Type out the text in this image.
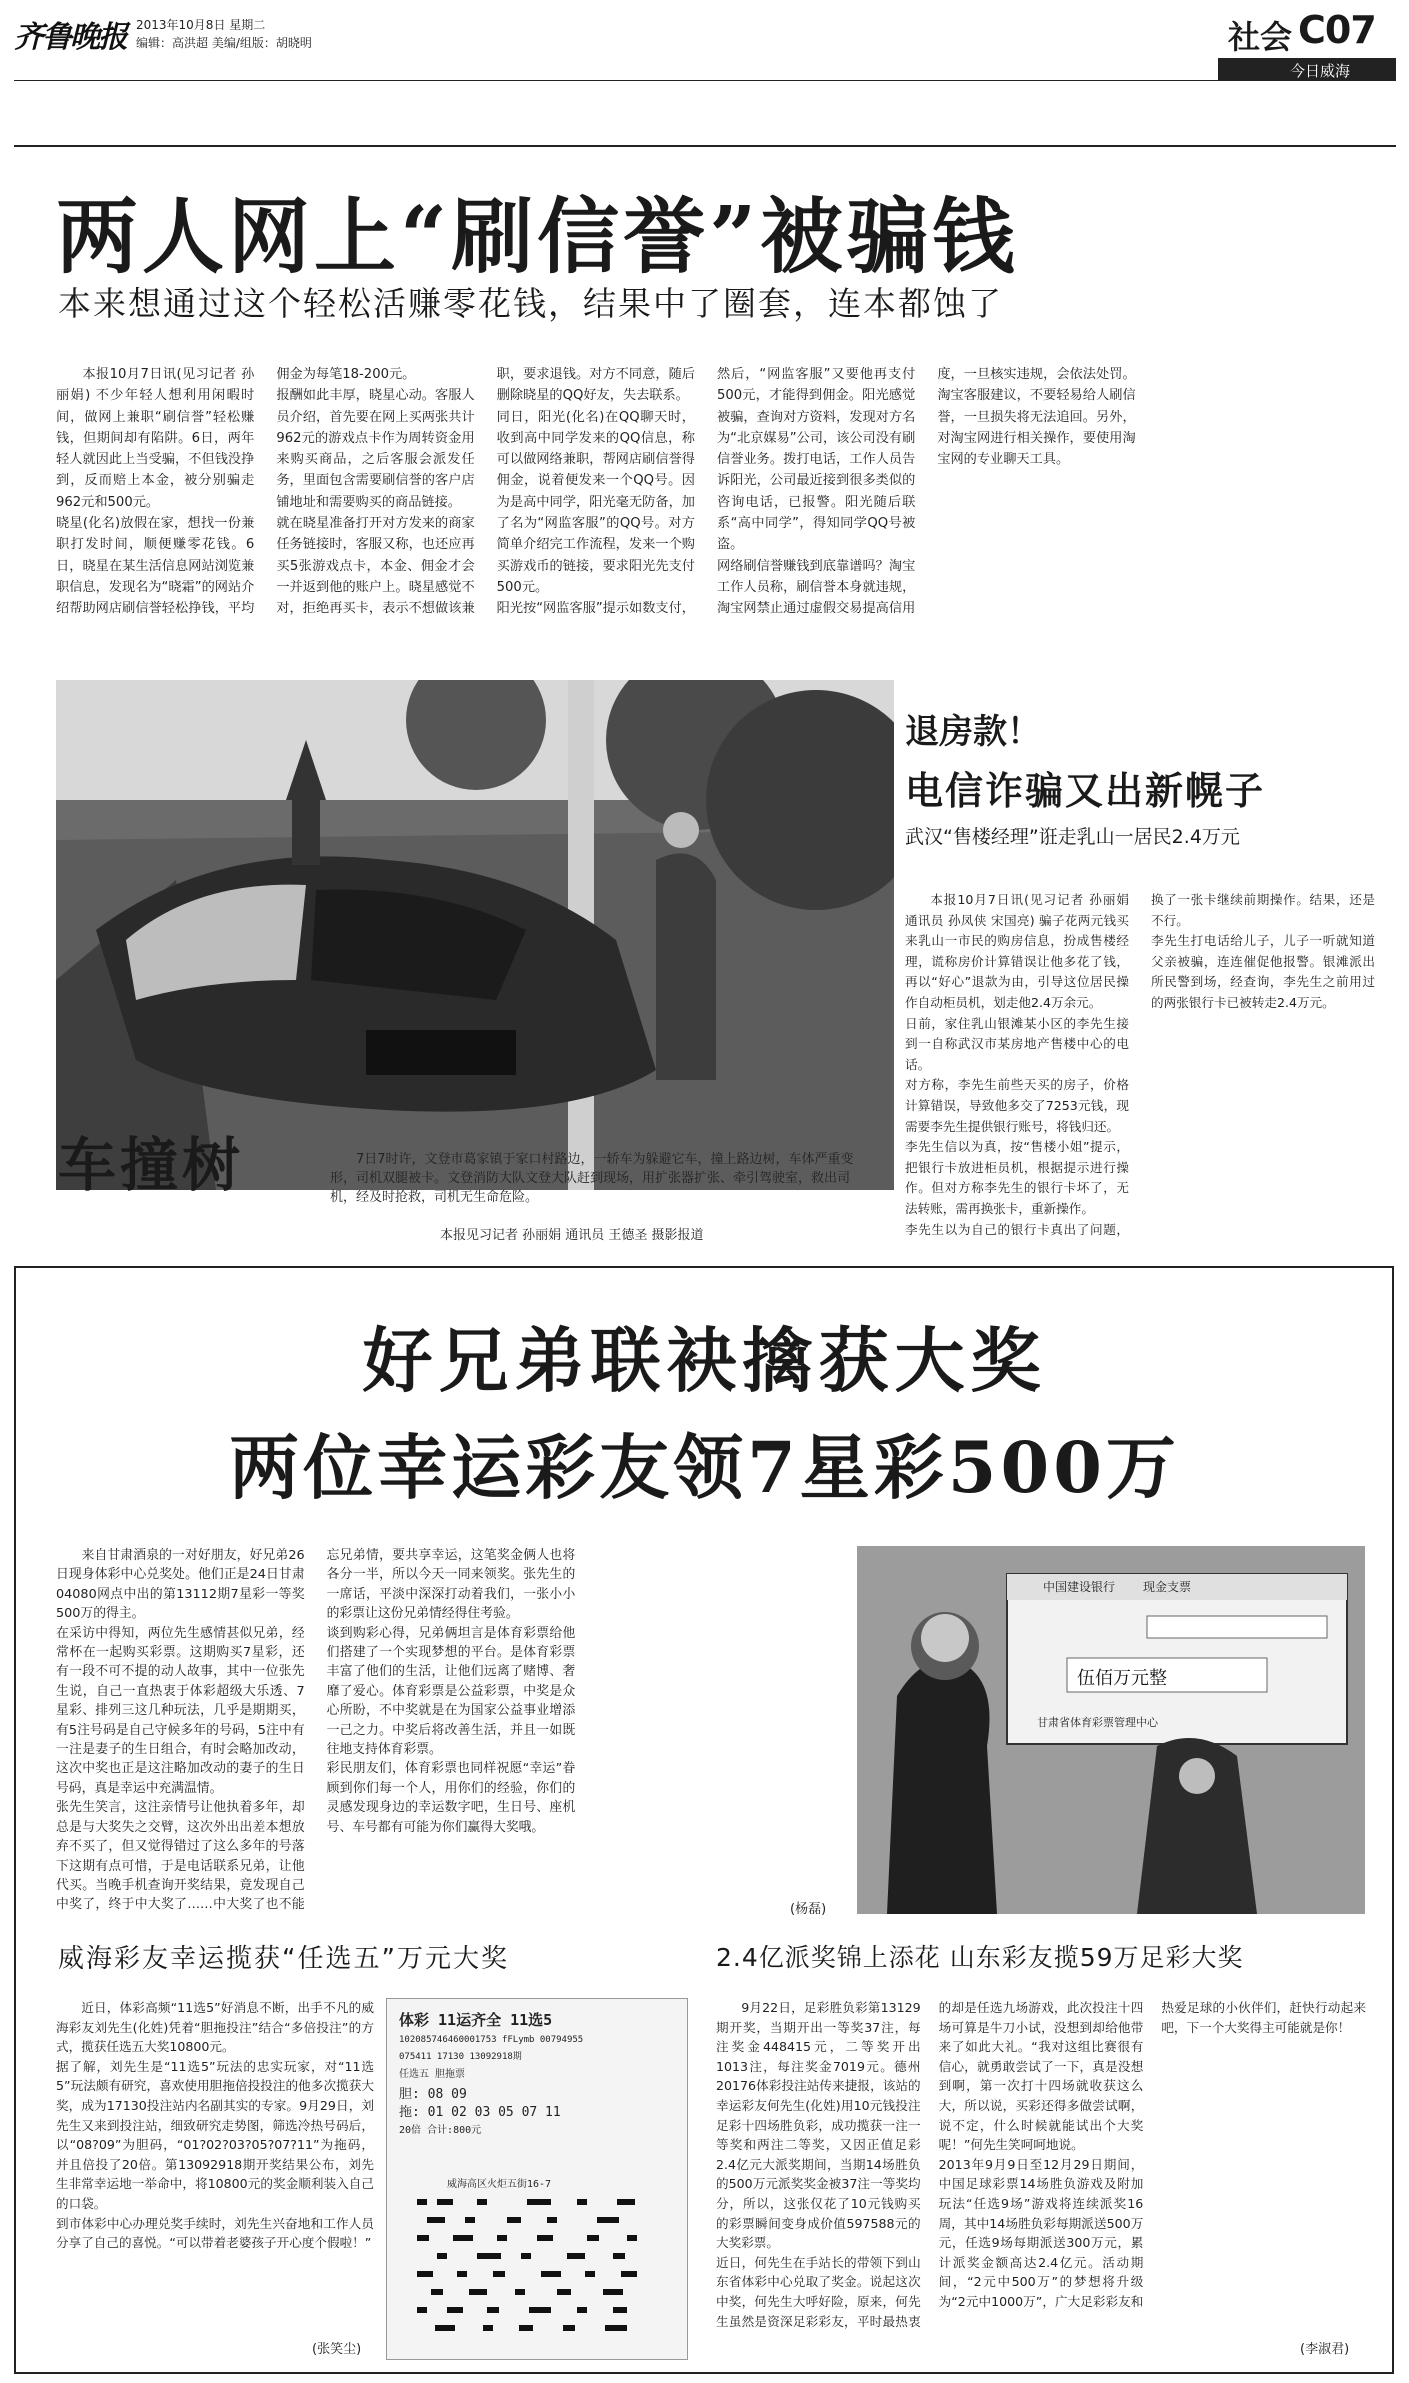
齐鲁晚报 2013年10月8日 星期二
编辑：高洪超 美编/组版：胡晓明	社会 C07
今日威海
两人网上“刷信誉”被骗钱
本来想通过这个轻松活赚零花钱，结果中了圈套，连本都蚀了
本报10月7日讯(见习记者 孙丽娟) 不少年轻人想利用闲暇时间，做网上兼职“刷信誉”轻松赚钱，但期间却有陷阱。6日，两年轻人就因此上当受骗，不但钱没挣到，反而赔上本金，被分别骗走962元和500元。
晓星(化名)放假在家，想找一份兼职打发时间，顺便赚零花钱。6日，晓星在某生活信息网站浏览兼职信息，发现名为“晓霜”的网站介绍帮助网店刷信誉轻松挣钱，平均佣金为每笔18-200元。
报酬如此丰厚，晓星心动。客服人员介绍，首先要在网上买两张共计962元的游戏点卡作为周转资金用来购买商品，之后客服会派发任务，里面包含需要刷信誉的客户店铺地址和需要购买的商品链接。
就在晓星准备打开对方发来的商家任务链接时，客服又称，也还应再买5张游戏点卡，本金、佣金才会一并返到他的账户上。晓星感觉不对，拒绝再买卡，表示不想做该兼职，要求退钱。对方不同意，随后删除晓星的QQ好友，失去联系。
同日，阳光(化名)在QQ聊天时，收到高中同学发来的QQ信息，称可以做网络兼职，帮网店刷信誉得佣金，说着便发来一个QQ号。因为是高中同学，阳光毫无防备，加了名为“网监客服”的QQ号。对方简单介绍完工作流程，发来一个购买游戏币的链接，要求阳光先支付500元。
阳光按“网监客服”提示如数支付，然后，“网监客服”又要他再支付500元，才能得到佣金。阳光感觉被骗，查询对方资料，发现对方名为“北京媒易”公司，该公司没有刷信誉业务。拨打电话，工作人员告诉阳光，公司最近接到很多类似的咨询电话，已报警。阳光随后联系“高中同学”，得知同学QQ号被盗。
网络刷信誉赚钱到底靠谱吗？淘宝工作人员称，刷信誉本身就违规，淘宝网禁止通过虚假交易提高信用度，一旦核实违规，会依法处罚。淘宝客服建议，不要轻易给人刷信誉，一旦损失将无法追回。另外，对淘宝网进行相关操作，要使用淘宝网的专业聊天工具。
车撞树	7日7时许，文登市葛家镇于家口村路边，一轿车为躲避它车，撞上路边树，车体严重变形，司机双腿被卡。文登消防大队文登大队赶到现场，用扩张器扩张、牵引驾驶室，救出司机，经及时抢救，司机无生命危险。
本报见习记者 孙丽娟 通讯员 王德圣 摄影报道
退房款！
电信诈骗又出新幌子
武汉“售楼经理”诳走乳山一居民2.4万元
本报10月7日讯(见习记者 孙丽娟 通讯员 孙凤侠 宋国亮) 骗子花两元钱买来乳山一市民的购房信息，扮成售楼经理，谎称房价计算错误让他多花了钱，再以“好心”退款为由，引导这位居民操作自动柜员机，划走他2.4万余元。
日前，家住乳山银滩某小区的李先生接到一自称武汉市某房地产售楼中心的电话。
对方称，李先生前些天买的房子，价格计算错误，导致他多交了7253元钱，现需要李先生提供银行账号，将钱归还。
李先生信以为真，按“售楼小姐”提示，把银行卡放进柜员机，根据提示进行操作。但对方称李先生的银行卡坏了，无法转账，需再换张卡，重新操作。
李先生以为自己的银行卡真出了问题，换了一张卡继续前期操作。结果，还是不行。
李先生打电话给儿子，儿子一听就知道父亲被骗，连连催促他报警。银滩派出所民警到场，经查询，李先生之前用过的两张银行卡已被转走2.4万元。
好兄弟联袂擒获大奖
两位幸运彩友领7星彩500万
来自甘肃酒泉的一对好朋友，好兄弟26日现身体彩中心兑奖处。他们正是24日甘肃04080网点中出的第13112期7星彩一等奖500万的得主。
在采访中得知，两位先生感情甚似兄弟，经常杯在一起购买彩票。这期购买7星彩，还有一段不可不提的动人故事，其中一位张先生说，自己一直热衷于体彩超级大乐透、7星彩、排列三这几种玩法，几乎是期期买，有5注号码是自己守候多年的号码，5注中有一注是妻子的生日组合，有时会略加改动，这次中奖也正是这注略加改动的妻子的生日号码，真是幸运中充满温情。
张先生笑言，这注亲情号让他执着多年，却总是与大奖失之交臂，这次外出出差本想放弃不买了，但又觉得错过了这么多年的号落下这期有点可惜，于是电话联系兄弟，让他代买。当晚手机查询开奖结果，竟发现自己中奖了，终于中大奖了……中大奖了也不能忘兄弟情，要共享幸运，这笔奖金俩人也将各分一半，所以今天一同来领奖。张先生的一席话，平淡中深深打动着我们，一张小小的彩票让这份兄弟情经得住考验。
谈到购彩心得，兄弟俩坦言是体育彩票给他们搭建了一个实现梦想的平台。是体育彩票丰富了他们的生活，让他们远离了赌博、奢靡了爱心。体育彩票是公益彩票，中奖是众心所盼，不中奖就是在为国家公益事业增添一己之力。中奖后将改善生活，并且一如既往地支持体育彩票。
彩民朋友们，体育彩票也同样祝愿“幸运”眷顾到你们每一个人，用你们的经验，你们的灵感发现身边的幸运数字吧，生日号、座机号、车号都有可能为你们赢得大奖哦。
(杨磊)
中国建设银行 现金支票
伍佰万元整
甘肃省体育彩票管理中心
威海彩友幸运揽获“任选五”万元大奖
近日，体彩高频“11选5”好消息不断，出手不凡的威海彩友刘先生(化姓)凭着“胆拖投注”结合“多倍投注”的方式，揽获任选五大奖10800元。
据了解，刘先生是“11选5”玩法的忠实玩家，对“11选5”玩法颇有研究，喜欢使用胆拖倍投投注的他多次揽获大奖，成为17130投注站内名副其实的专家。9月29日，刘先生又来到投注站，细致研究走势图，筛选冷热号码后，以“08?09”为胆码，“01?02?03?05?07?11”为拖码，并且倍投了20倍。第13092918期开奖结果公布，刘先生非常幸运地一举命中，将10800元的奖金顺利装入自己的口袋。
到市体彩中心办理兑奖手续时，刘先生兴奋地和工作人员分享了自己的喜悦。“可以带着老婆孩子开心度个假啦！”
(张笑尘)
体彩 11运齐全 11选5
102085746460001753 fFLymb 00794955
075411 17130 13092918期
任选五 胆拖票
胆: 08 09
拖: 01 02 03 05 07 11
20倍 合计:800元
威海高区火炬五街16-7
2.4亿派奖锦上添花 山东彩友揽59万足彩大奖
9月22日，足彩胜负彩第13129期开奖，当期开出一等奖37注，每注奖金448415元，二等奖开出1013注，每注奖金7019元。德州20176体彩投注站传来捷报，该站的幸运彩友何先生(化姓)用10元钱投注足彩十四场胜负彩，成功揽获一注一等奖和两注二等奖，又因正值足彩2.4亿元大派奖期间，当期14场胜负的500万元派奖奖金被37注一等奖均分，所以，这张仅花了10元钱购买的彩票瞬间变身成价值597588元的大奖彩票。
近日，何先生在手站长的带领下到山东省体彩中心兑取了奖金。说起这次中奖，何先生大呼好险，原来，何先生虽然是资深足彩彩友，平时最热衷的却是任选九场游戏，此次投注十四场可算是牛刀小试，没想到却给他带来了如此大礼。“我对这组比赛很有信心，就勇敢尝试了一下，真是没想到啊，第一次打十四场就收获这么大，所以说，买彩还得多做尝试啊，说不定，什么时候就能试出个大奖呢！”何先生笑呵呵地说。
2013年9月9日至12月29日期间，中国足球彩票14场胜负游戏及附加玩法“任选9场”游戏将连续派奖16周，其中14场胜负彩每期派送500万元，任选9场每期派送300万元，累计派奖金额高达2.4亿元。活动期间，“2元中500万”的梦想将升级为“2元中1000万”，广大足彩彩友和热爱足球的小伙伴们，赶快行动起来吧，下一个大奖得主可能就是你！
(李淑君)
